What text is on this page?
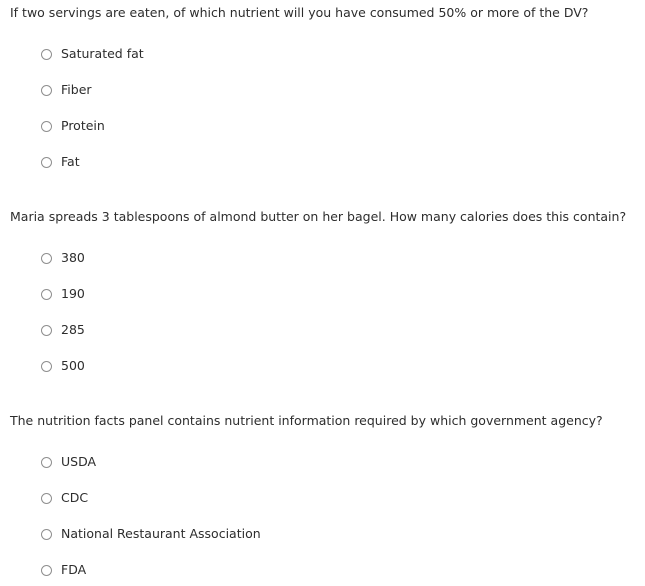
If two servings are eaten, of which nutrient will you have consumed 50% or more of the DV?

Saturated fat
Fiber
Protein
Fat

Maria spreads 3 tablespoons of almond butter on her bagel. How many calories does this contain?

380
190
285
500

The nutrition facts panel contains nutrient information required by which government agency?

USDA
CDC
National Restaurant Association
FDA
